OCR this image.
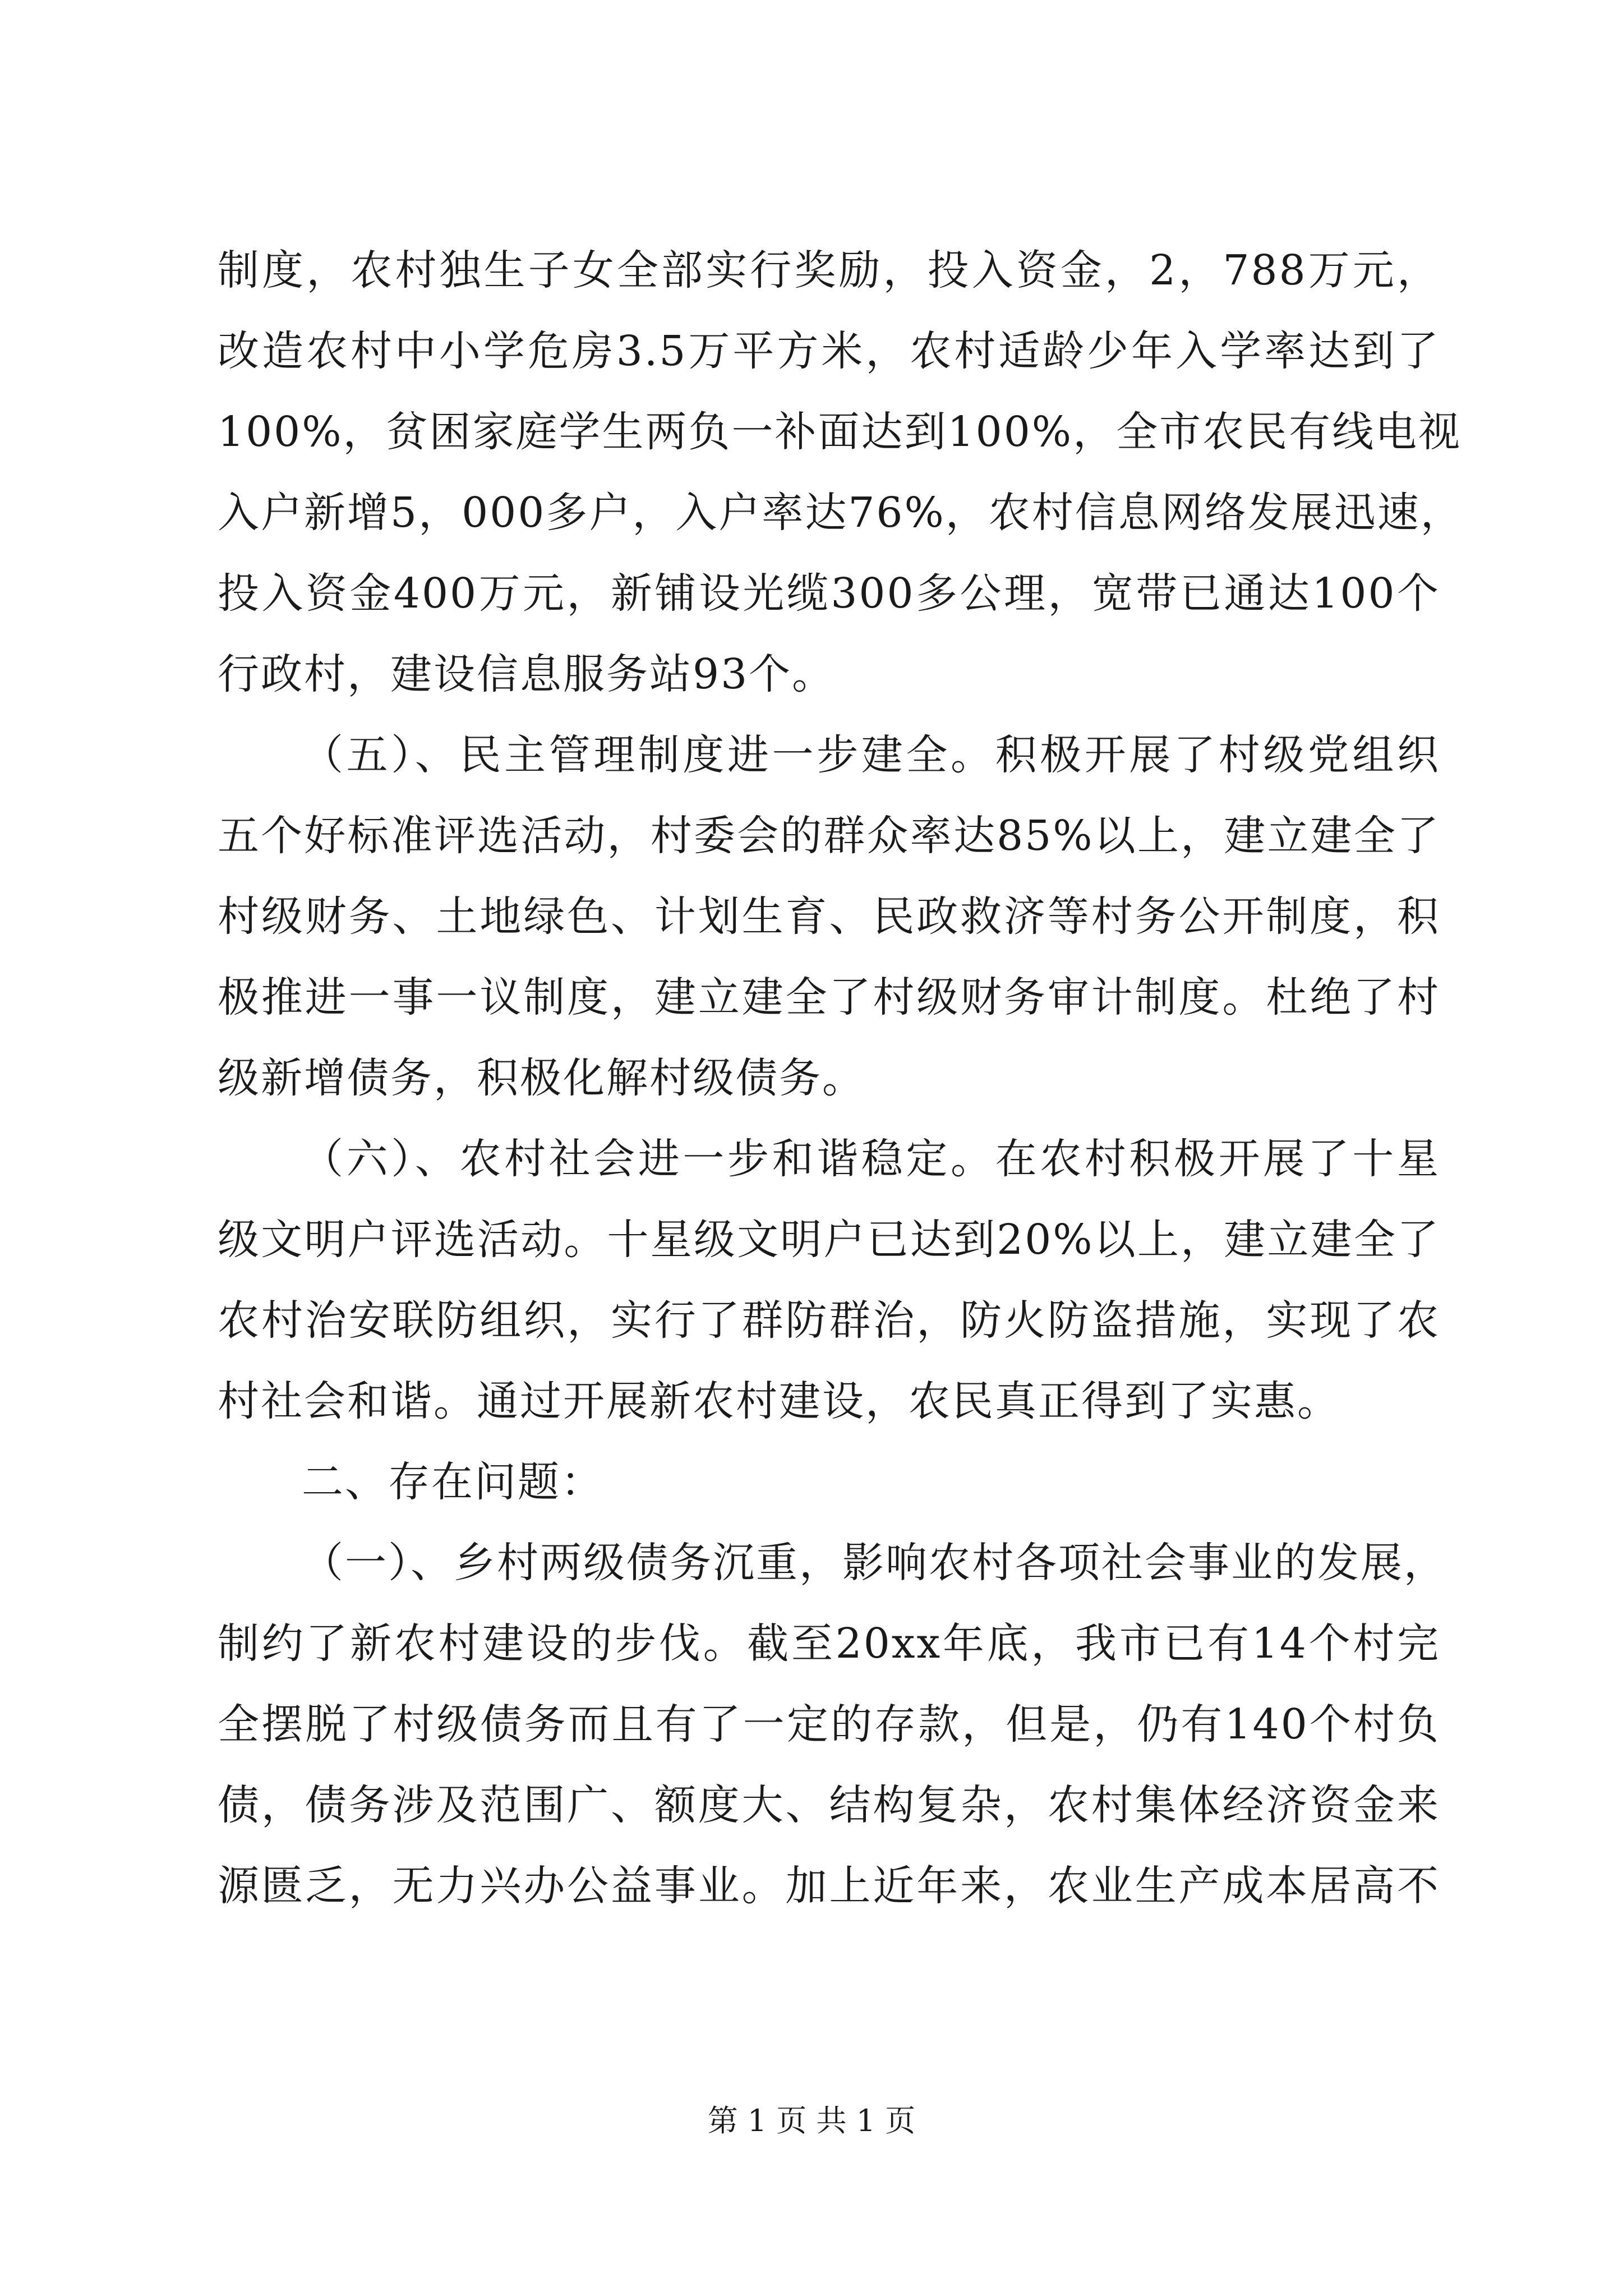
制度，农村独生子女全部实行奖励，投入资金，2，788万元，
改造农村中小学危房3.5万平方米，农村适龄少年入学率达到了
100%，贫困家庭学生两负一补面达到100%，全市农民有线电视
入户新增5，000多户，入户率达76%，农村信息网络发展迅速，
投入资金400万元，新铺设光缆300多公理，宽带已通达100个
行政村，建设信息服务站93个。
（五）、民主管理制度进一步建全。积极开展了村级党组织
五个好标准评选活动，村委会的群众率达85%以上，建立建全了
村级财务、土地绿色、计划生育、民政救济等村务公开制度，积
极推进一事一议制度，建立建全了村级财务审计制度。杜绝了村
级新增债务，积极化解村级债务。
（六）、农村社会进一步和谐稳定。在农村积极开展了十星
级文明户评选活动。十星级文明户已达到20%以上，建立建全了
农村治安联防组织，实行了群防群治，防火防盗措施，实现了农
村社会和谐。通过开展新农村建设，农民真正得到了实惠。
二、存在问题：
（一）、乡村两级债务沉重，影响农村各项社会事业的发展，
制约了新农村建设的步伐。截至20xx年底，我市已有14个村完
全摆脱了村级债务而且有了一定的存款，但是，仍有140个村负
债，债务涉及范围广、额度大、结构复杂，农村集体经济资金来
源匮乏，无力兴办公益事业。加上近年来，农业生产成本居高不
第 1 页 共 1 页
